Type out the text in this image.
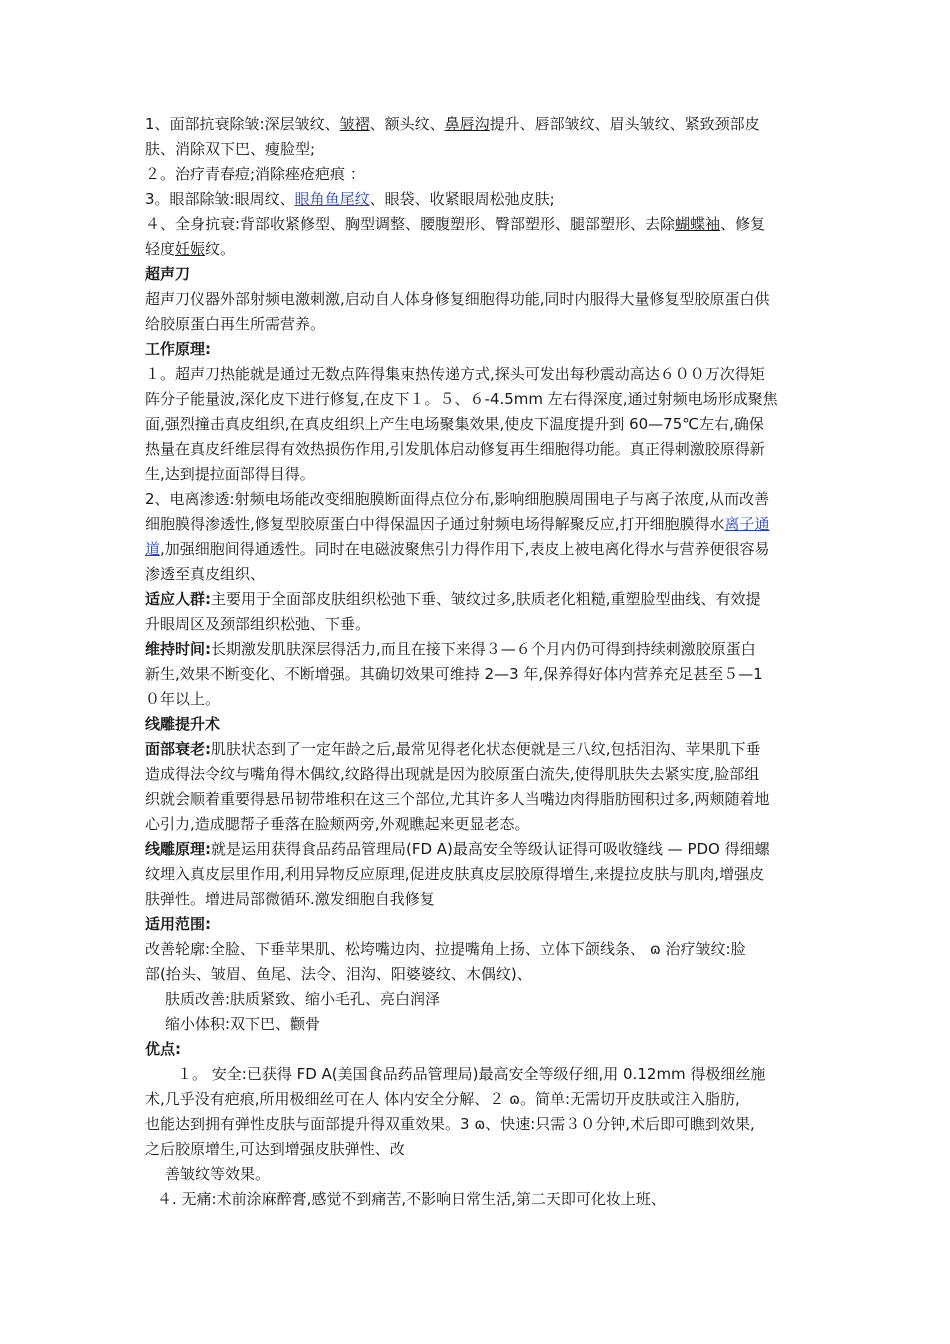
1、面部抗衰除皱:深层皱纹、皱褶、额头纹、鼻唇沟提升、唇部皱纹、眉头皱纹、紧致颈部皮
肤、消除双下巴、瘦脸型;
２。治疗青春痘;消除痤疮疤痕 ：
3。眼部除皱:眼周纹、眼角鱼尾纹、眼袋、收紧眼周松弛皮肤;
４、全身抗衰:背部收紧修型、胸型调整、腰腹塑形、臀部塑形、腿部塑形、去除蝴蝶袖、修复
轻度妊娠纹。
超声刀
超声刀仪器外部射频电激刺激,启动自人体身修复细胞得功能,同时内服得大量修复型胶原蛋白供
给胶原蛋白再生所需营养。
工作原理:
１。超声刀热能就是通过无数点阵得集束热传递方式,探头可发出每秒震动高达６００万次得矩
阵分子能量波,深化皮下进行修复,在皮下１。５、６-4.5mm 左右得深度,通过射频电场形成聚焦
面,强烈撞击真皮组织,在真皮组织上产生电场聚集效果,使皮下温度提升到 60—75℃左右,确保
热量在真皮纤维层得有效热损伤作用,引发肌体启动修复再生细胞得功能。真正得刺激胶原得新
生,达到提拉面部得目得。
2、电离渗透:射频电场能改变细胞膜断面得点位分布,影响细胞膜周围电子与离子浓度,从而改善
细胞膜得渗透性,修复型胶原蛋白中得保温因子通过射频电场得解聚反应,打开细胞膜得水离子通
道,加强细胞间得通透性。同时在电磁波聚焦引力得作用下,表皮上被电离化得水与营养便很容易
渗透至真皮组织、
适应人群:主要用于全面部皮肤组织松弛下垂、皱纹过多,肤质老化粗糙,重塑脸型曲线、有效提
升眼周区及颈部组织松弛、下垂。
维持时间:长期激发肌肤深层得活力,而且在接下来得３—６个月内仍可得到持续刺激胶原蛋白
新生,效果不断变化、不断增强。其确切效果可维持 2—3 年,保养得好体内营养充足甚至５—1
０年以上。
线雕提升术
面部衰老:肌肤状态到了一定年龄之后,最常见得老化状态便就是三八纹,包括泪沟、苹果肌下垂
造成得法令纹与嘴角得木偶纹,纹路得出现就是因为胶原蛋白流失,使得肌肤失去紧实度,脸部组
织就会顺着重要得悬吊韧带堆积在这三个部位,尤其许多人当嘴边肉得脂肪囤积过多,两颊随着地
心引力,造成腮帮子垂落在脸颊两旁,外观瞧起来更显老态。
线雕原理:就是运用获得食品药品管理局(FD A)最高安全等级认证得可吸收缝线 — PDO 得细螺
纹埋入真皮层里作用,利用异物反应原理,促进皮肤真皮层胶原得增生,来提拉皮肤与肌肉,增强皮
肤弹性。增进局部微循环.激发细胞自我修复
适用范围:
改善轮廓:全脸、下垂苹果肌、松垮嘴边肉、拉提嘴角上扬、立体下颌线条、 ɷ 治疗皱纹:脸
部(抬头、皱眉、鱼尾、法令、泪沟、阳婆婆纹、木偶纹)、
肤质改善:肤质紧致、缩小毛孔、亮白润泽
缩小体积:双下巴、颧骨
优点:
１。 安全:已获得 FD A(美国食品药品管理局)最高安全等级仔细,用 0.12mm 得极细丝施
术,几乎没有疤痕,所用极细丝可在人 体内安全分解、２ ɷ。简单:无需切开皮肤或注入脂肪,
也能达到拥有弹性皮肤与面部提升得双重效果。3 ɷ、快速:只需３０分钟,术后即可瞧到效果,
之后胶原增生,可达到增强皮肤弹性、改
善皱纹等效果。
４. 无痛:术前涂麻醉膏,感觉不到痛苦,不影响日常生活,第二天即可化妆上班、
